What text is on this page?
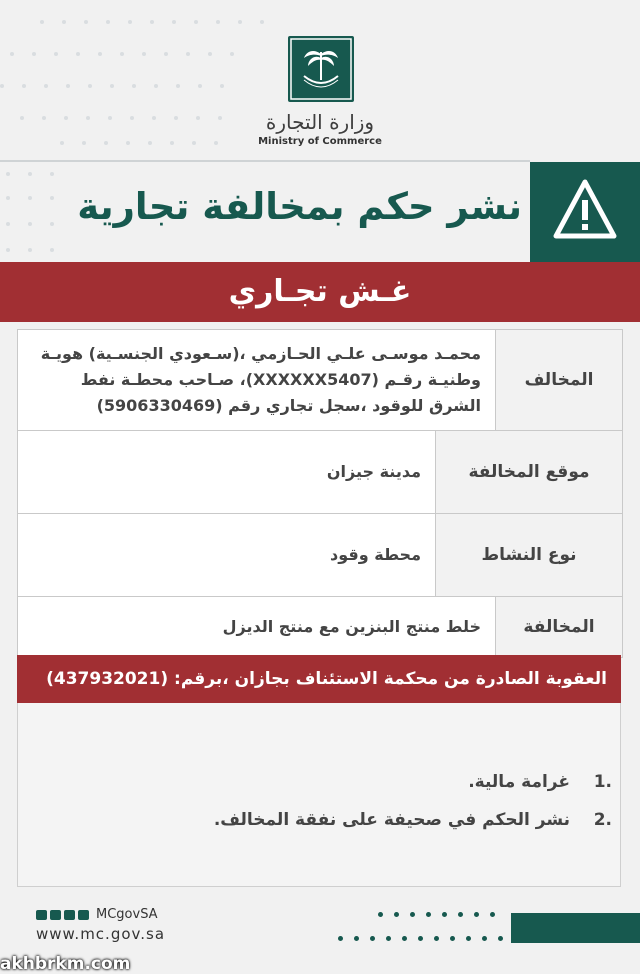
وزارة التجارة
Ministry of Commerce
نشر حكم بمخالفة تجارية
غـش تجـاري
المخالف
محمـد موسـى علـي الحـازمي ،(سـعودي الجنسـية) هويـة وطنيـة رقـم (XXXXXX5407)، صـاحب محطـة نفط الشرق للوقود ،سجل تجاري رقم (5906330469)
موقع المخالفة
مدينة جيزان
نوع النشاط
محطة وقود
المخالفة
خلط منتج البنزين مع منتج الديزل
العقوبة الصادرة من محكمة الاستئناف بجازان ،برقم: (437932021)
1.
غرامة مالية.
2.
نشر الحكم في صحيفة على نفقة المخالف.
MCgovSA
www.mc.gov.sa
akhbrkm.com
